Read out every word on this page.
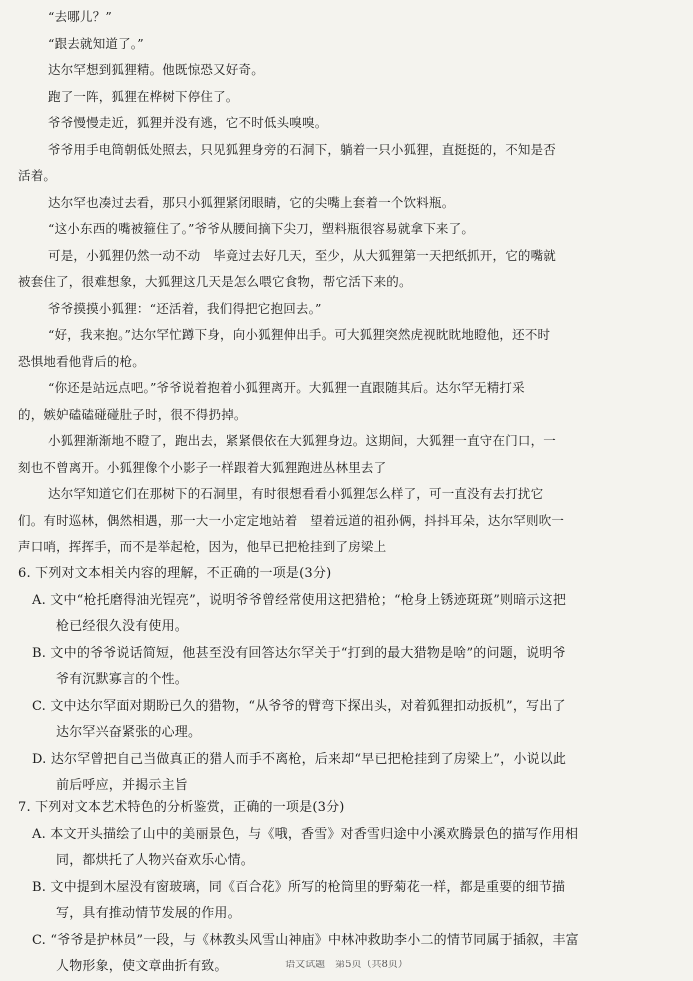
“去哪儿？”

“跟去就知道了。”

达尔罕想到狐狸精。他既惊恐又好奇。

跑了一阵，狐狸在桦树下停住了。

爷爷慢慢走近，狐狸并没有逃，它不时低头嗅嗅。

爷爷用手电筒朝低处照去，只见狐狸身旁的石洞下，躺着一只小狐狸，直挺挺的，不知是否

活着。

达尔罕也凑过去看，那只小狐狸紧闭眼睛，它的尖嘴上套着一个饮料瓶。

“这小东西的嘴被箍住了。”爷爷从腰间摘下尖刀，塑料瓶很容易就拿下来了。

可是，小狐狸仍然一动不动　毕竟过去好几天，至少，从大狐狸第一天把纸抓开，它的嘴就

被套住了，很难想象，大狐狸这几天是怎么喂它食物，帮它活下来的。

爷爷摸摸小狐狸：“还活着，我们得把它抱回去。”

“好，我来抱。”达尔罕忙蹲下身，向小狐狸伸出手。可大狐狸突然虎视眈眈地瞪他，还不时

恐惧地看他背后的枪。

“你还是站远点吧。”爷爷说着抱着小狐狸离开。大狐狸一直跟随其后。达尔罕无精打采

的，嫉妒磕磕碰碰肚子时，很不得扔掉。

小狐狸渐渐地不瞪了，跑出去，紧紧偎依在大狐狸身边。这期间，大狐狸一直守在门口，一

刻也不曾离开。小狐狸像个小影子一样跟着大狐狸跑进丛林里去了

达尔罕知道它们在那树下的石洞里，有时很想看看小狐狸怎么样了，可一直没有去打扰它

们。有时巡林，偶然相遇，那一大一小定定地站着　望着远道的祖孙俩，抖抖耳朵，达尔罕则吹一

声口哨，挥挥手，而不是举起枪，因为，他早已把枪挂到了房梁上

6. 下列对文本相关内容的理解，不正确的一项是(3分)

A. 文中“枪托磨得油光锃亮”，说明爷爷曾经常使用这把猎枪；“枪身上锈迹斑斑”则暗示这把

枪已经很久没有使用。

B. 文中的爷爷说话简短，他甚至没有回答达尔罕关于“打到的最大猎物是啥”的问题，说明爷

爷有沉默寡言的个性。

C. 文中达尔罕面对期盼已久的猎物，“从爷爷的臂弯下探出头，对着狐狸扣动扳机”，写出了

达尔罕兴奋紧张的心理。

D. 达尔罕曾把自己当做真正的猎人而手不离枪，后来却“早已把枪挂到了房梁上”，小说以此

前后呼应，并揭示主旨

7. 下列对文本艺术特色的分析鉴赏，正确的一项是(3分)

A. 本文开头描绘了山中的美丽景色，与《哦，香雪》对香雪归途中小溪欢腾景色的描写作用相

同，都烘托了人物兴奋欢乐心情。

B. 文中提到木屋没有窗玻璃，同《百合花》所写的枪筒里的野菊花一样，都是重要的细节描

写，具有推动情节发展的作用。

C. “爷爷是护林员”一段，与《林教头风雪山神庙》中林冲救助李小二的情节同属于插叙，丰富

人物形象，使文章曲折有致。	语文试题　第5页（共8页）
